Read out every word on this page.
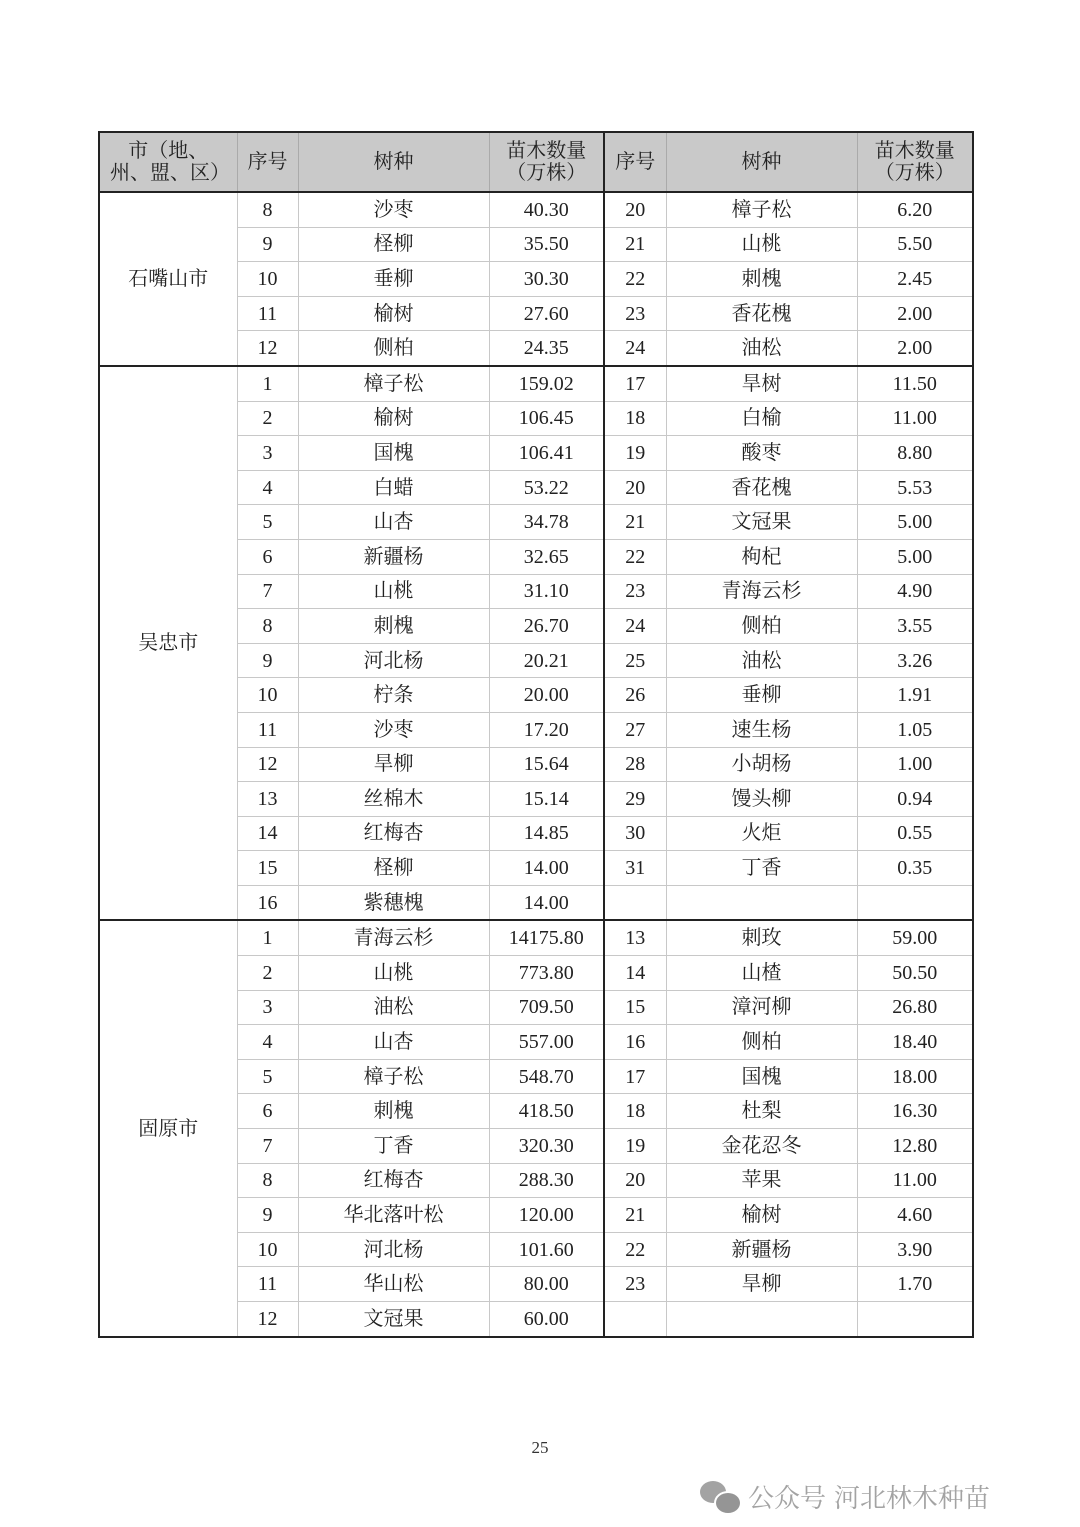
市（地、州、盟、区）	序号	树种	苗木数量（万株）	序号	树种	苗木数量（万株）
石嘴山市	8	沙枣	40.30	20	樟子松	6.20
	9	柽柳	35.50	21	山桃	5.50
	10	垂柳	30.30	22	刺槐	2.45
	11	榆树	27.60	23	香花槐	2.00
	12	侧柏	24.35	24	油松	2.00
吴忠市	1	樟子松	159.02	17	旱树	11.50
	2	榆树	106.45	18	白榆	11.00
	3	国槐	106.41	19	酸枣	8.80
	4	白蜡	53.22	20	香花槐	5.53
	5	山杏	34.78	21	文冠果	5.00
	6	新疆杨	32.65	22	枸杞	5.00
	7	山桃	31.10	23	青海云杉	4.90
	8	刺槐	26.70	24	侧柏	3.55
	9	河北杨	20.21	25	油松	3.26
	10	柠条	20.00	26	垂柳	1.91
	11	沙枣	17.20	27	速生杨	1.05
	12	旱柳	15.64	28	小胡杨	1.00
	13	丝棉木	15.14	29	馒头柳	0.94
	14	红梅杏	14.85	30	火炬	0.55
	15	柽柳	14.00	31	丁香	0.35
	16	紫穗槐	14.00			
固原市	1	青海云杉	14175.80	13	刺玫	59.00
	2	山桃	773.80	14	山楂	50.50
	3	油松	709.50	15	漳河柳	26.80
	4	山杏	557.00	16	侧柏	18.40
	5	樟子松	548.70	17	国槐	18.00
	6	刺槐	418.50	18	杜梨	16.30
	7	丁香	320.30	19	金花忍冬	12.80
	8	红梅杏	288.30	20	苹果	11.00
	9	华北落叶松	120.00	21	榆树	4.60
	10	河北杨	101.60	22	新疆杨	3.90
	11	华山松	80.00	23	旱柳	1.70
	12	文冠果	60.00			
25
公众号 河北林木种苗
